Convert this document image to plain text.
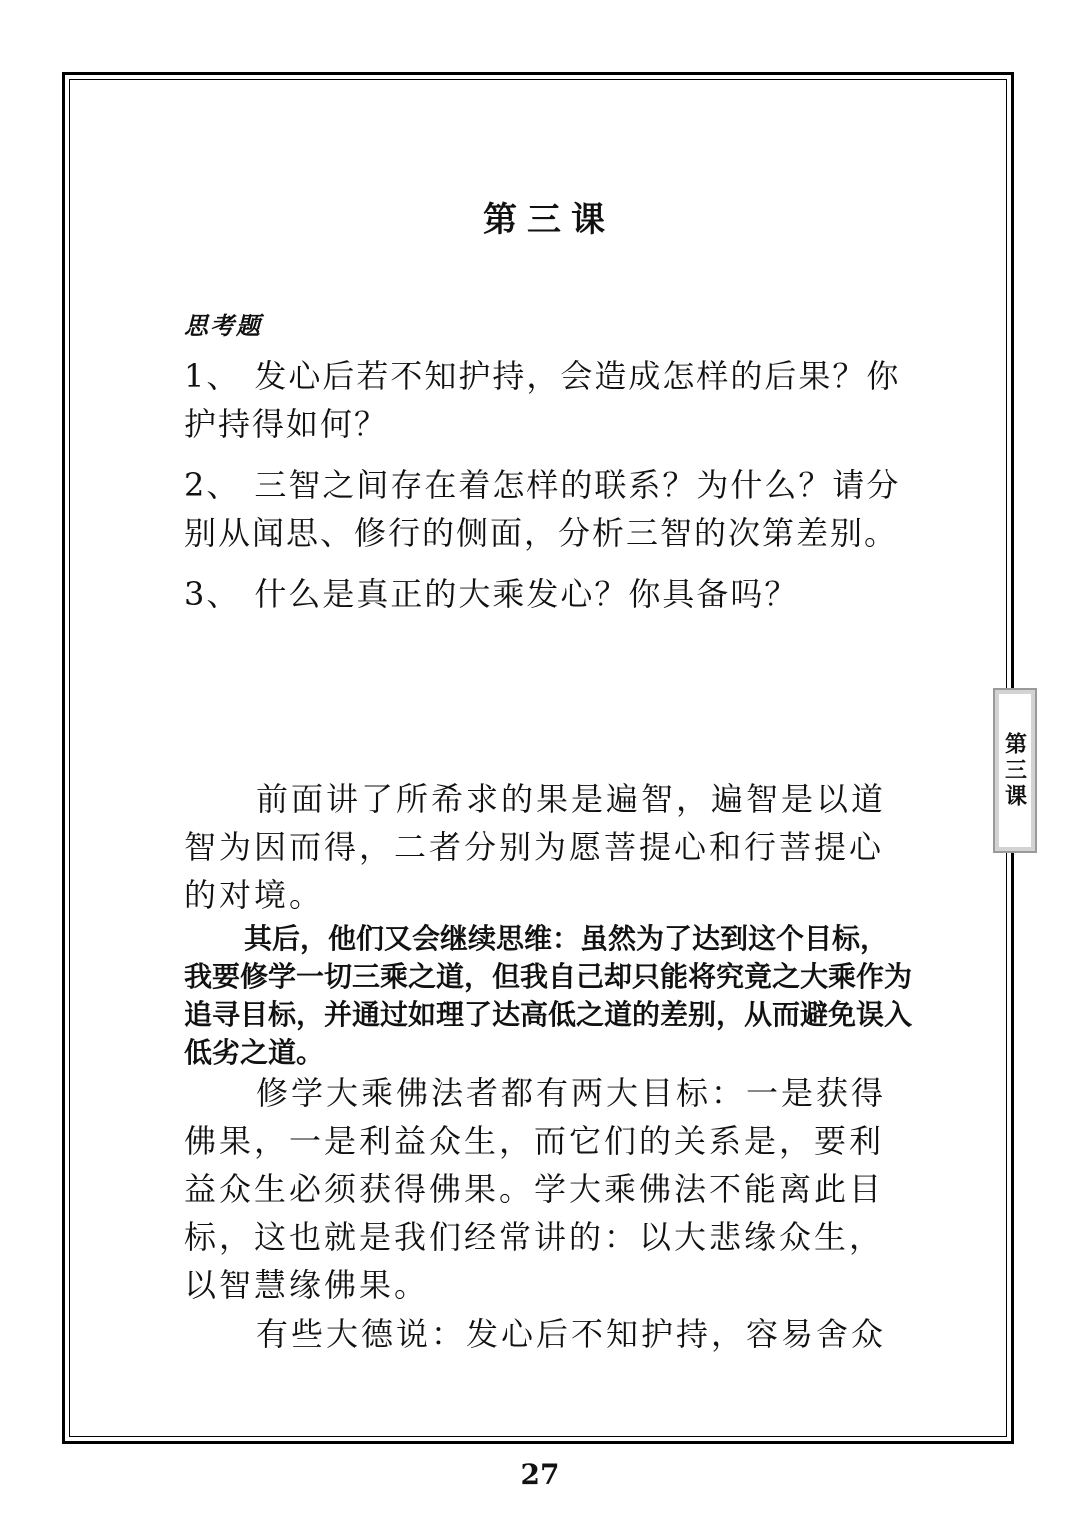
第三课

思考题

1、 发心后若不知护持，会造成怎样的后果？你护持得如何？
2、 三智之间存在着怎样的联系？为什么？请分别从闻思、修行的侧面，分析三智的次第差别。
3、 什么是真正的大乘发心？你具备吗？

前面讲了所希求的果是遍智，遍智是以道智为因而得，二者分别为愿菩提心和行菩提心的对境。

其后，他们又会继续思维：虽然为了达到这个目标，我要修学一切三乘之道，但我自己却只能将究竟之大乘作为追寻目标，并通过如理了达高低之道的差别，从而避免误入低劣之道。

修学大乘佛法者都有两大目标：一是获得佛果，一是利益众生，而它们的关系是，要利益众生必须获得佛果。学大乘佛法不能离此目标，这也就是我们经常讲的：以大悲缘众生，以智慧缘佛果。

有些大德说：发心后不知护持，容易舍众

第三课

27
